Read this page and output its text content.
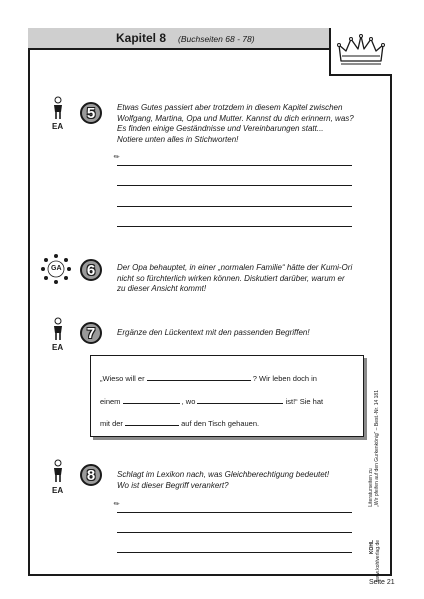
Kapitel 8 (Buchseiten 68 - 78)
EA
5	Etwas Gutes passiert aber trotzdem in diesem Kapitel zwischen
Wolfgang, Martina, Opa und Mutter. Kannst du dich erinnern, was?
Es finden einige Geständnisse und Vereinbarungen statt...
Notiere unten alles in Stichworten!
✎
GA 6	Der Opa behauptet, in einer „normalen Familie“ hätte der Kumi-Ori
nicht so fürchterlich wirken können. Diskutiert darüber, warum er
zu dieser Ansicht kommt!
EA
7	Ergänze den Lückentext mit den passenden Begriffen!
„Wieso will er	? Wir leben doch in
einem	, wo	ist!“ Sie hat
mit der	auf den Tisch gehauen.
EA
8	Schlagt im Lexikon nach, was Gleichberechtigung bedeutet!
Wo ist dieser Begriff verankert?
✎	Literaturseiten zu „Wir pfeifen auf den Gurkenkönig“ – Best.-Nr. 14 181
KOHL www.kohlverlag.de
Seite 21
